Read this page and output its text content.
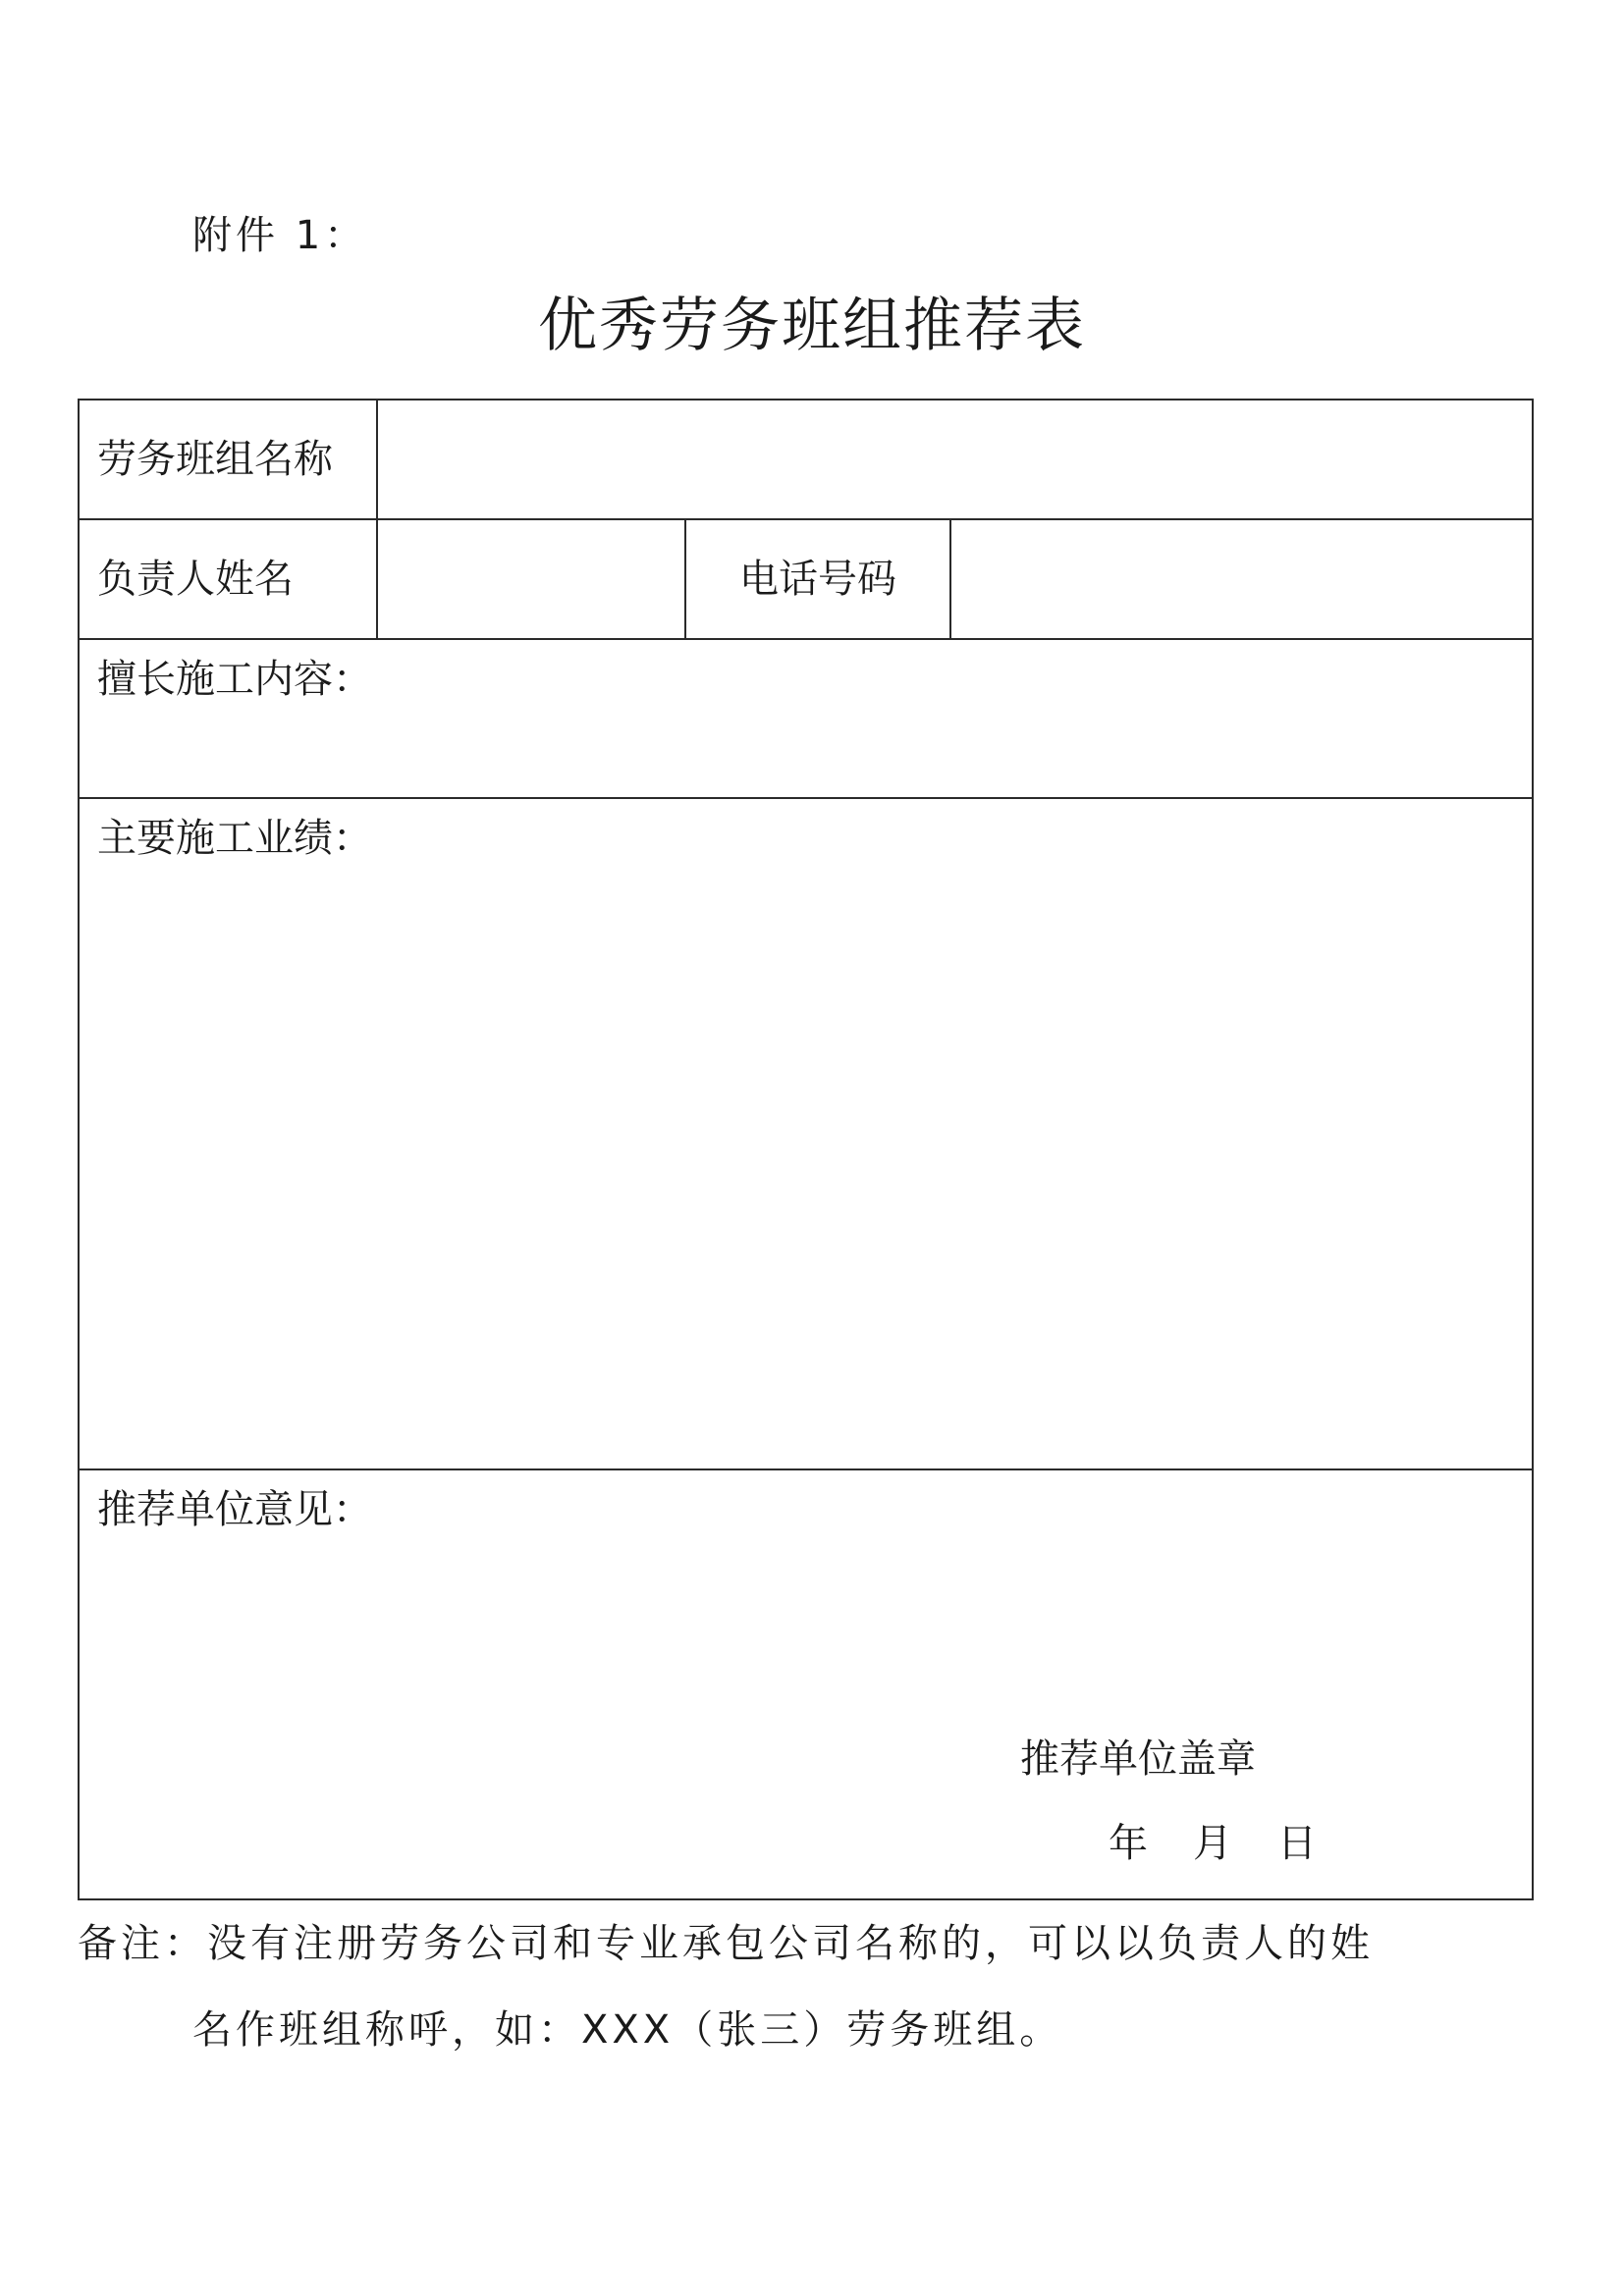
附件 1：
优秀劳务班组推荐表
劳务班组名称			
负责人姓名		电话号码	
擅长施工内容：			
主要施工业绩：			
推荐单位意见：
推荐单位盖章
年 月 日			
备注：没有注册劳务公司和专业承包公司名称的，可以以负责人的姓
名作班组称呼，如：XXX（张三）劳务班组。
